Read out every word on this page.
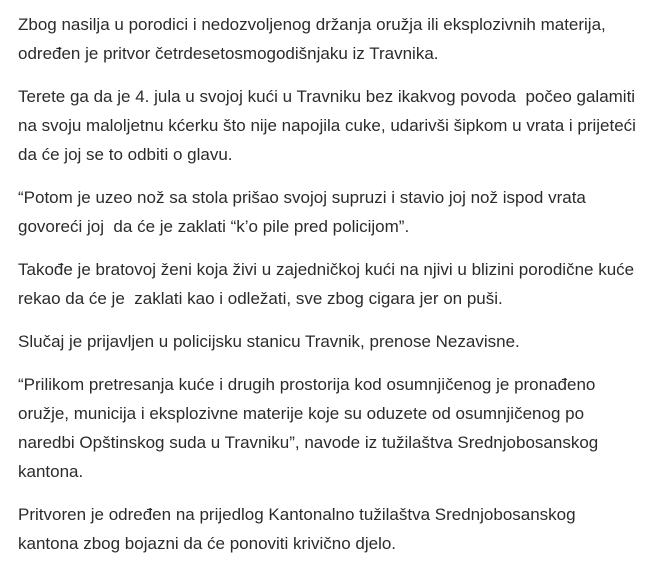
Zbog nasilja u porodici i nedozvoljenog držanja oružja ili eksplozivnih materija, određen je pritvor četrdesetosmogodišnjaku iz Travnika.

Terete ga da je 4. jula u svojoj kući u Travniku bez ikakvog povoda  počeo galamiti na svoju maloljetnu kćerku što nije napojila cuke, udarivši šipkom u vrata i prijeteći da će joj se to odbiti o glavu.

“Potom je uzeo nož sa stola prišao svojoj supruzi i stavio joj nož ispod vrata govoreći joj  da će je zaklati “k’o pile pred policijom”.

Takođe je bratovoj ženi koja živi u zajedničkoj kući na njivi u blizini porodične kuće rekao da će je  zaklati kao i odležati, sve zbog cigara jer on puši.

Slučaj je prijavljen u policijsku stanicu Travnik, prenose Nezavisne.

“Prilikom pretresanja kuće i drugih prostorija kod osumnjičenog je pronađeno oružje, municija i eksplozivne materije koje su oduzete od osumnjičenog po naredbi Opštinskog suda u Travniku”, navode iz tužilaštva Srednjobosanskog kantona.

Pritvoren je određen na prijedlog Kantonalno tužilaštva Srednjobosanskog kantona zbog bojazni da će ponoviti krivično djelo.
